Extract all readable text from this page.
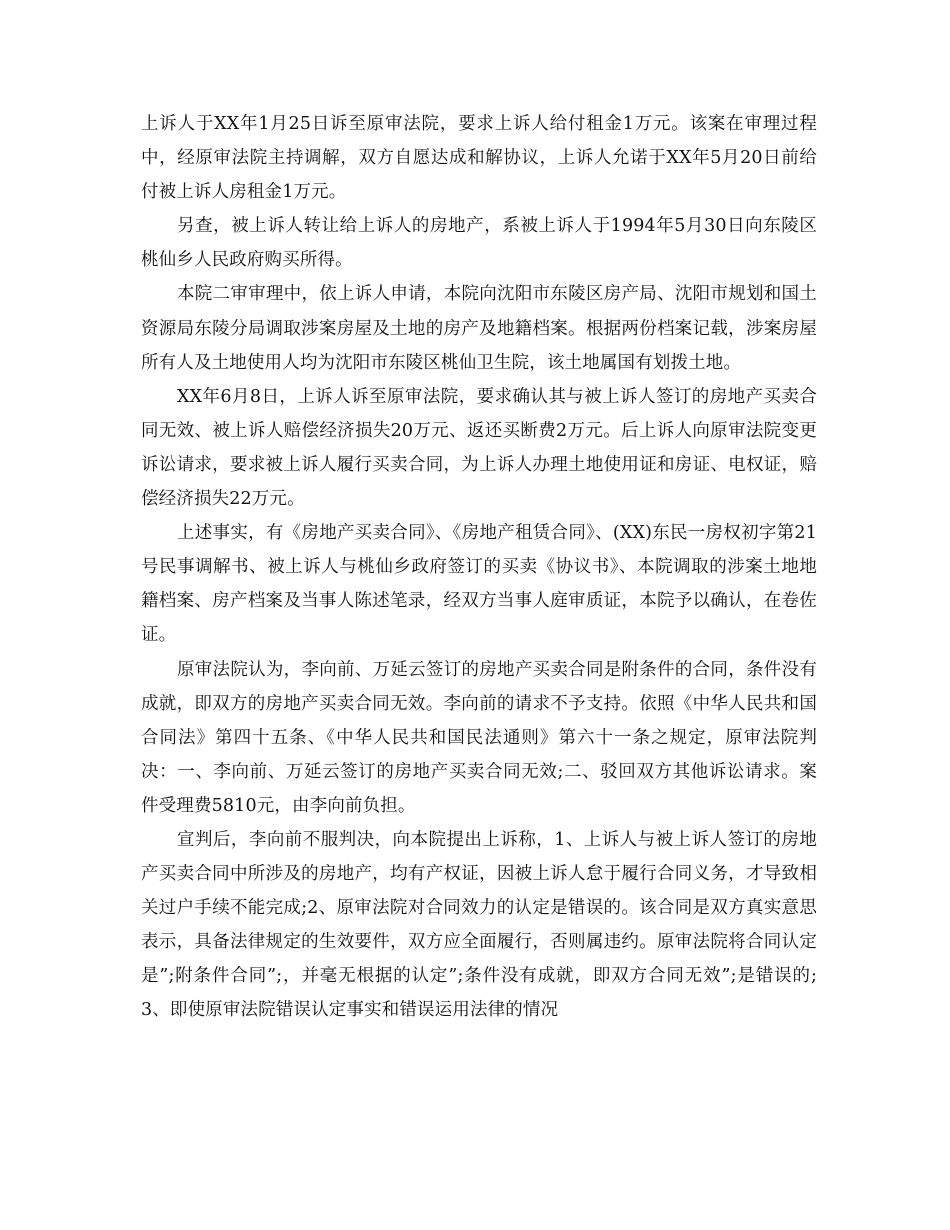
上诉人于XX年1月25日诉至原审法院，要求上诉人给付租金1万元。该案在审理过程中，经原审法院主持调解，双方自愿达成和解协议，上诉人允诺于XX年5月20日前给付被上诉人房租金1万元。

另查，被上诉人转让给上诉人的房地产，系被上诉人于1994年5月30日向东陵区桃仙乡人民政府购买所得。

本院二审审理中，依上诉人申请，本院向沈阳市东陵区房产局、沈阳市规划和国土资源局东陵分局调取涉案房屋及土地的房产及地籍档案。根据两份档案记载，涉案房屋所有人及土地使用人均为沈阳市东陵区桃仙卫生院，该土地属国有划拨土地。

XX年6月8日，上诉人诉至原审法院，要求确认其与被上诉人签订的房地产买卖合同无效、被上诉人赔偿经济损失20万元、返还买断费2万元。后上诉人向原审法院变更诉讼请求，要求被上诉人履行买卖合同，为上诉人办理土地使用证和房证、电权证，赔偿经济损失22万元。

上述事实，有《房地产买卖合同》、《房地产租赁合同》、(XX)东民一房权初字第21号民事调解书、被上诉人与桃仙乡政府签订的买卖《协议书》、本院调取的涉案土地地籍档案、房产档案及当事人陈述笔录，经双方当事人庭审质证，本院予以确认，在卷佐证。

原审法院认为，李向前、万延云签订的房地产买卖合同是附条件的合同，条件没有成就，即双方的房地产买卖合同无效。李向前的请求不予支持。依照《中华人民共和国合同法》第四十五条、《中华人民共和国民法通则》第六十一条之规定，原审法院判决：一、李向前、万延云签订的房地产买卖合同无效;二、驳回双方其他诉讼请求。案件受理费5810元，由李向前负担。

宣判后，李向前不服判决，向本院提出上诉称，1、上诉人与被上诉人签订的房地产买卖合同中所涉及的房地产，均有产权证，因被上诉人怠于履行合同义务，才导致相关过户手续不能完成;2、原审法院对合同效力的认定是错误的。该合同是双方真实意思表示，具备法律规定的生效要件，双方应全面履行，否则属违约。原审法院将合同认定是”;附条件合同”;，并毫无根据的认定”;条件没有成就，即双方合同无效”;是错误的;3、即使原审法院错误认定事实和错误运用法律的情况
